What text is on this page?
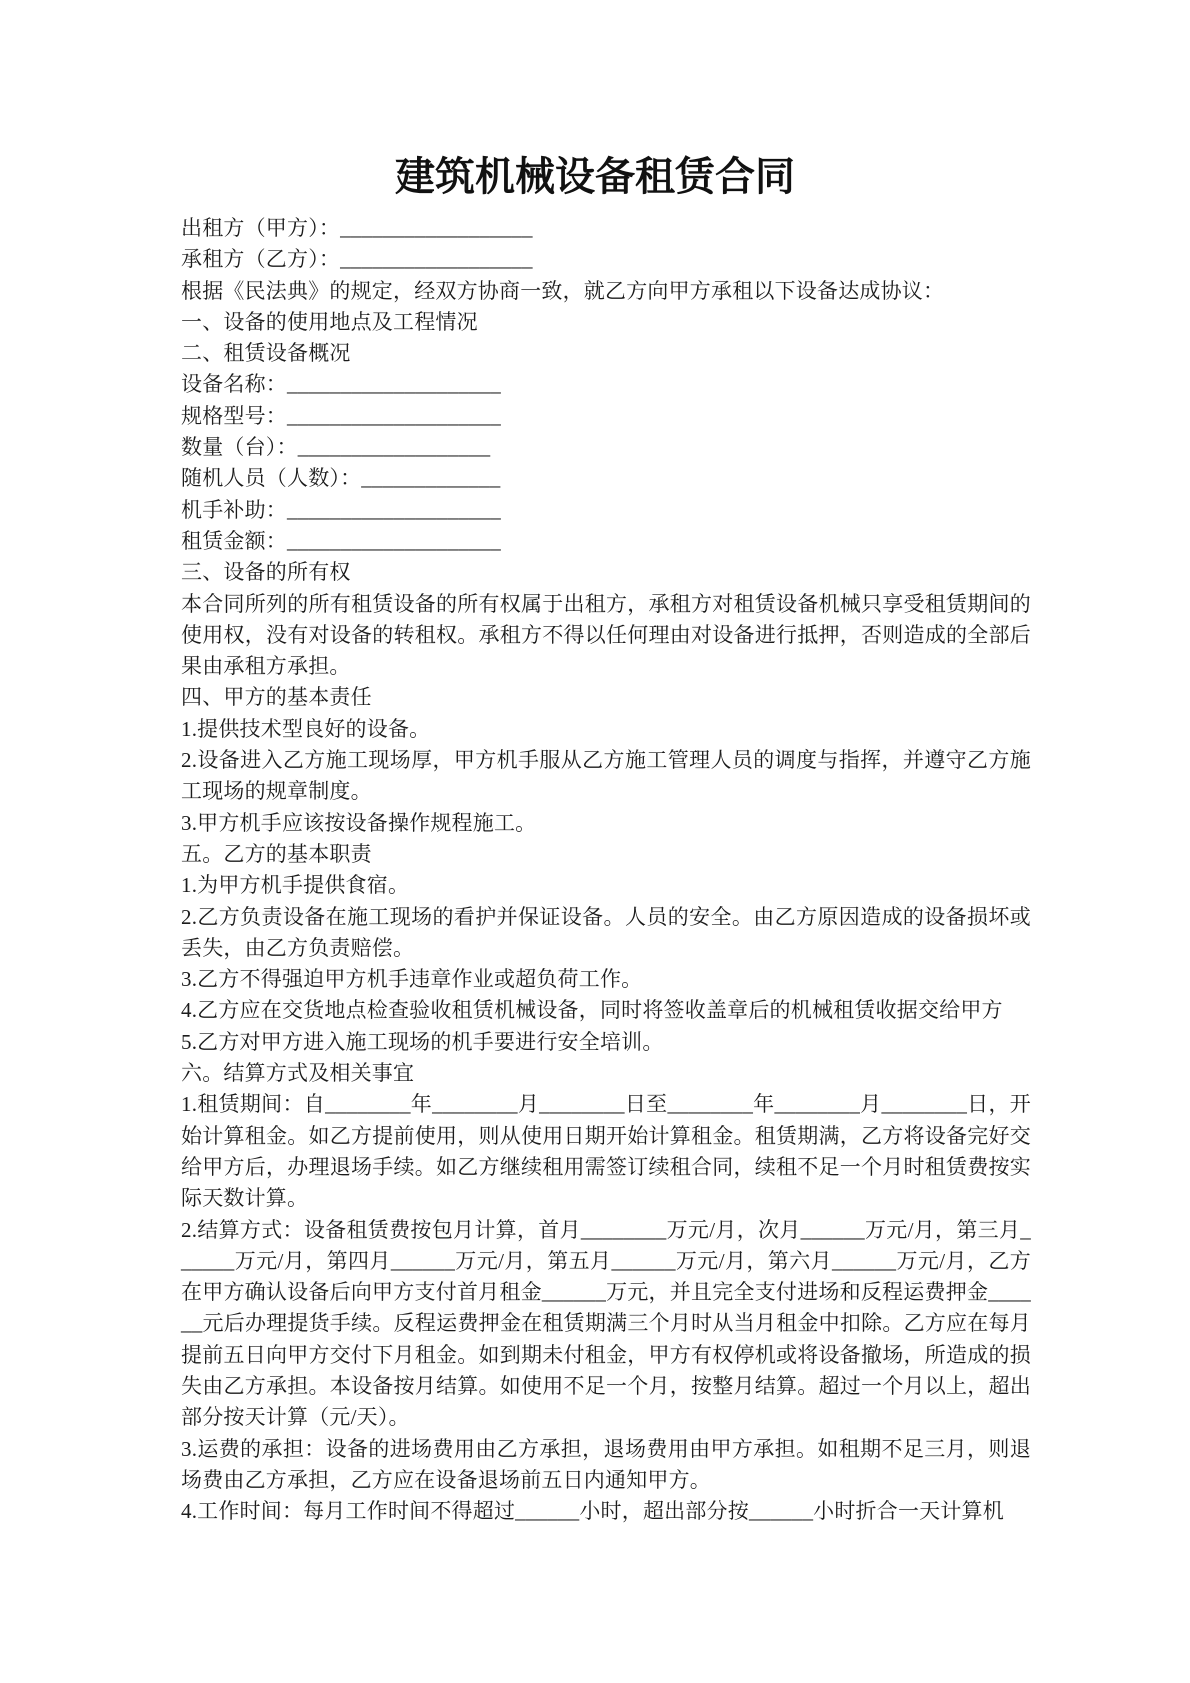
建筑机械设备租赁合同

出租方（甲方）：__________________

承租方（乙方）：__________________

根据《民法典》的规定，经双方协商一致，就乙方向甲方承租以下设备达成协议：

一、设备的使用地点及工程情况

二、租赁设备概况

设备名称：____________________

规格型号：____________________

数量（台）：__________________

随机人员（人数）：_____________

机手补助：____________________

租赁金额：____________________

三、设备的所有权

本合同所列的所有租赁设备的所有权属于出租方，承租方对租赁设备机械只享受租赁期间的使用权，没有对设备的转租权。承租方不得以任何理由对设备进行抵押，否则造成的全部后果由承租方承担。

四、甲方的基本责任

1.提供技术型良好的设备。

2.设备进入乙方施工现场厚，甲方机手服从乙方施工管理人员的调度与指挥，并遵守乙方施工现场的规章制度。

3.甲方机手应该按设备操作规程施工。

五。乙方的基本职责

1.为甲方机手提供食宿。

2.乙方负责设备在施工现场的看护并保证设备。人员的安全。由乙方原因造成的设备损坏或丢失，由乙方负责赔偿。

3.乙方不得强迫甲方机手违章作业或超负荷工作。

4.乙方应在交货地点检查验收租赁机械设备，同时将签收盖章后的机械租赁收据交给甲方

5.乙方对甲方进入施工现场的机手要进行安全培训。

六。结算方式及相关事宜

1.租赁期间：自________年________月________日至________年________月________日，开始计算租金。如乙方提前使用，则从使用日期开始计算租金。租赁期满，乙方将设备完好交给甲方后，办理退场手续。如乙方继续租用需签订续租合同，续租不足一个月时租赁费按实际天数计算。

2.结算方式：设备租赁费按包月计算，首月________万元/月，次月______万元/月，第三月______万元/月，第四月______万元/月，第五月______万元/月，第六月______万元/月，乙方在甲方确认设备后向甲方支付首月租金______万元，并且完全支付进场和反程运费押金______元后办理提货手续。反程运费押金在租赁期满三个月时从当月租金中扣除。乙方应在每月提前五日向甲方交付下月租金。如到期未付租金，甲方有权停机或将设备撤场，所造成的损失由乙方承担。本设备按月结算。如使用不足一个月，按整月结算。超过一个月以上，超出部分按天计算（元/天）。

3.运费的承担：设备的进场费用由乙方承担，退场费用由甲方承担。如租期不足三月，则退场费由乙方承担，乙方应在设备退场前五日内通知甲方。

4.工作时间：每月工作时间不得超过______小时，超出部分按______小时折合一天计算机
